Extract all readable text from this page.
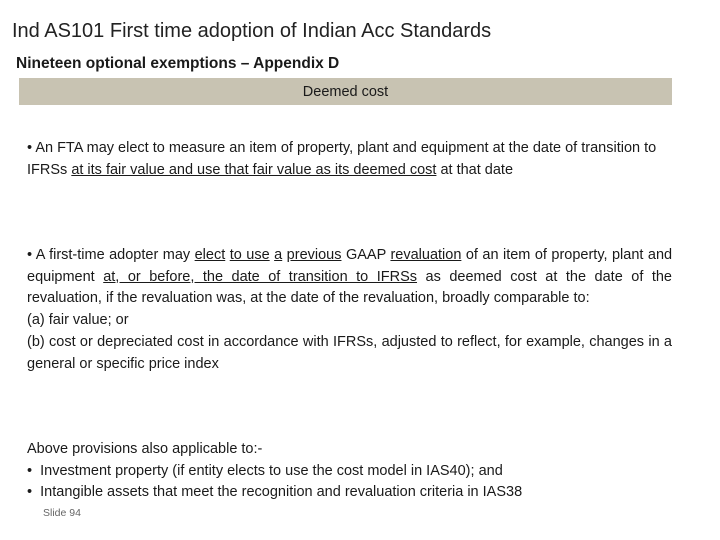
Ind AS101 First time adoption of Indian Acc Standards
Nineteen optional exemptions – Appendix D
Deemed cost
• An FTA may elect to measure an item of property, plant and equipment at the date of transition to IFRSs at its fair value and use that fair value as its deemed cost at that date
• A first-time adopter may elect to use a previous GAAP revaluation of an item of property, plant and equipment at, or before, the date of transition to IFRSs as deemed cost at the date of the revaluation, if the revaluation was, at the date of the revaluation, broadly comparable to:
(a) fair value; or
(b) cost or depreciated cost in accordance with IFRSs, adjusted to reflect, for example, changes in a general or specific price index
Above provisions also applicable to:-
• Investment property (if entity elects to use the cost model in IAS40); and
• Intangible assets that meet the recognition and revaluation criteria in IAS38
Slide 94
